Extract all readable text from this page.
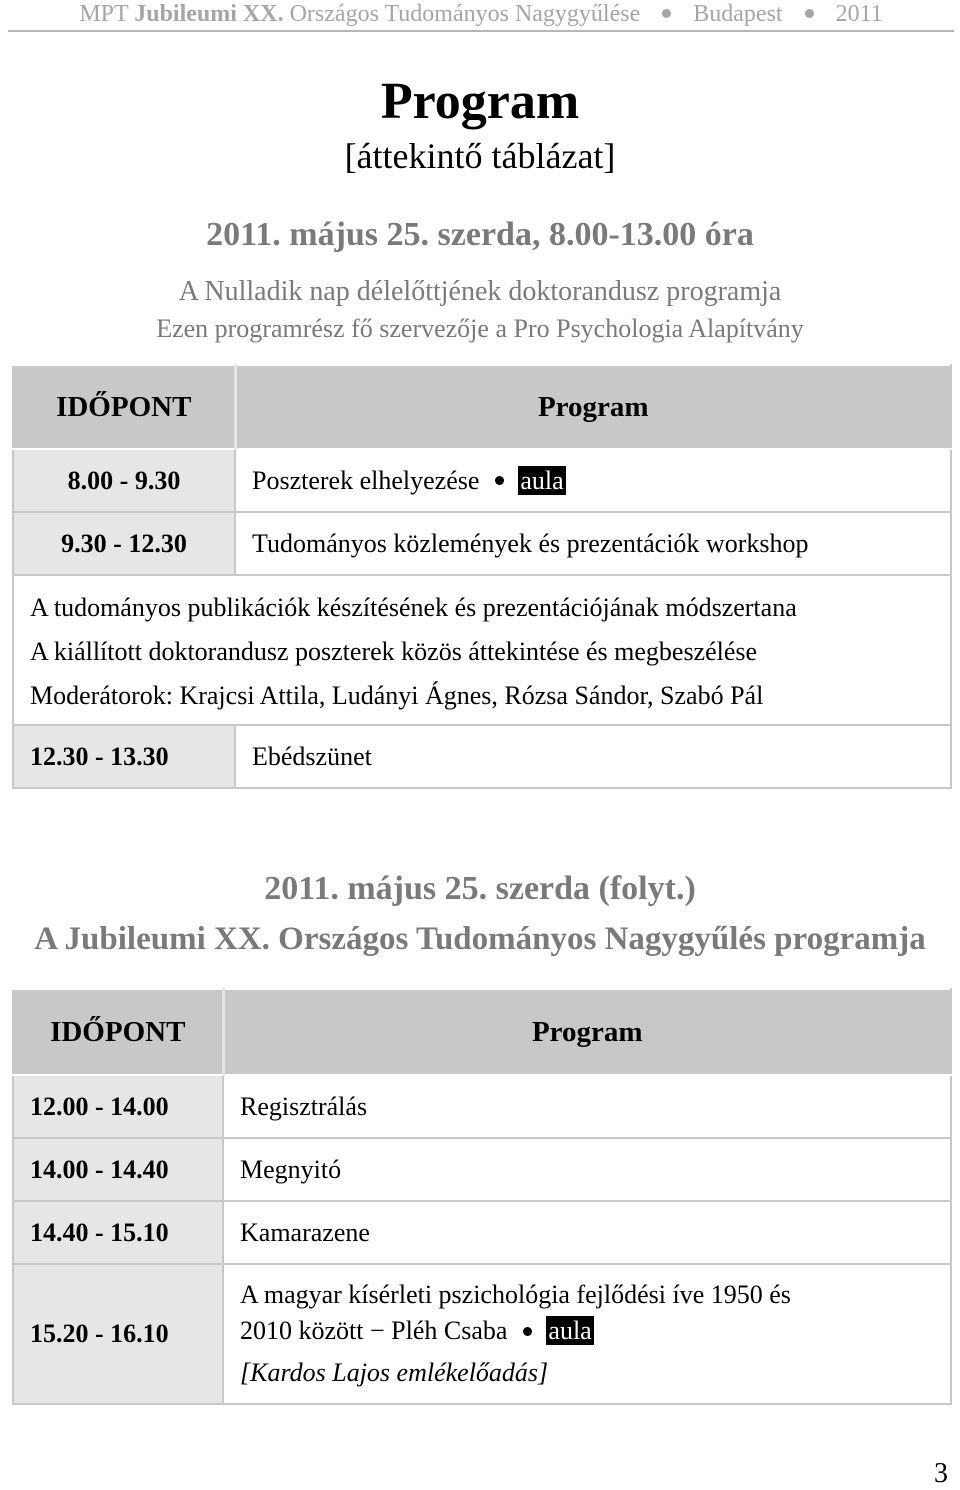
MPT Jubileumi XX. Országos Tudományos Nagygyűlése Budapest 2011
Program
[áttekintő táblázat]
2011. május 25. szerda, 8.00-13.00 óra
A Nulladik nap délelőttjének doktorandusz programja
Ezen programrész fő szervezője a Pro Psychologia Alapítvány
IDŐPONT	Program
8.00 - 9.30	Poszterek elhelyezése aula
9.30 - 12.30	Tudományos közlemények és prezentációk workshop

A tudományos publikációk készítésének és prezentációjának módszertana
A kiállított doktorandusz poszterek közös áttekintése és megbeszélése
Moderátorok: Krajcsi Attila, Ludányi Ágnes, Rózsa Sándor, Szabó Pál	

12.30 - 13.30	Ebédszünet
2011. május 25. szerda (folyt.)
A Jubileumi XX. Országos Tudományos Nagygyűlés programja
IDŐPONT	Program
12.00 - 14.00	Regisztrálás
14.00 - 14.40	Megnyitó
14.40 - 15.10	Kamarazene
15.20 - 16.10	A magyar kísérleti pszichológia fejlődési íve 1950 és
2010 között − Pléh Csaba aula
[Kardos Lajos emlékelőadás]
3
